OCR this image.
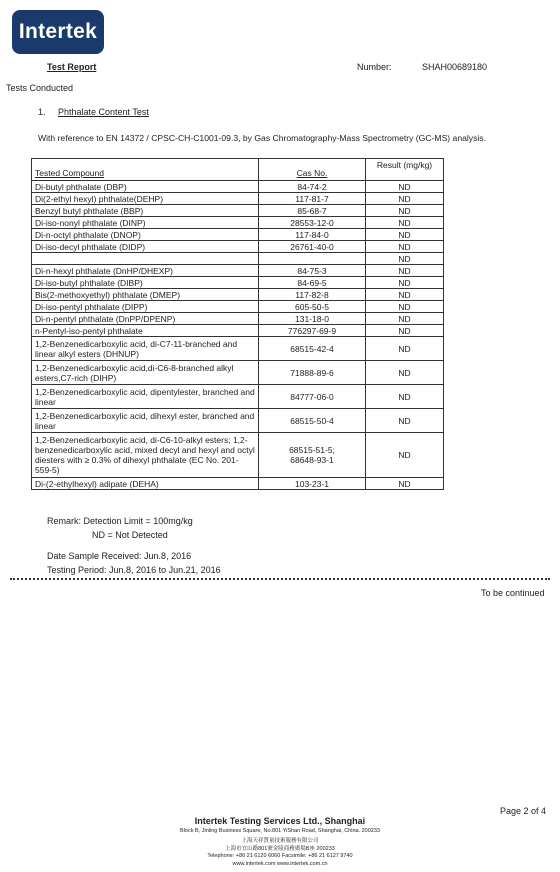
Intertek
Test Report	Number:	SHAH00689180
Tests Conducted
1. Phthalate Content Test
With reference to EN 14372 / CPSC-CH-C1001-09.3, by Gas Chromatography-Mass Spectrometry (GC-MS) analysis.
Tested Compound	Cas No.	Result (mg/kg)
Di-butyl phthalate (DBP)	84-74-2	ND
Di(2-ethyl hexyl) phthalate(DEHP)	117-81-7	ND
Benzyl butyl phthalate (BBP)	85-68-7	ND
Di-iso-nonyl phthalate (DINP)	28553-12-0	ND
Di-n-octyl phthalate (DNOP)	117-84-0	ND
Di-iso-decyl phthalate (DIDP)	26761-40-0	ND
		ND
Di-n-hexyl phthalate (DnHP/DHEXP)	84-75-3	ND
Di-iso-butyl phthalate (DIBP)	84-69-5	ND
Bis(2-methoxyethyl) phthalate (DMEP)	117-82-8	ND
Di-iso-pentyl phthalate (DIPP)	605-50-5	ND
Di-n-pentyl phthalate (DnPP/DPENP)	131-18-0	ND
n-Pentyl-iso-pentyl phthalate	776297-69-9	ND
1,2-Benzenedicarboxylic acid, di-C7-11-branched and linear alkyl esters (DHNUP)	68515-42-4	ND
1,2-Benzenedicarboxylic acid,di-C6-8-branched alkyl esters,C7-rich (DIHP)	71888-89-6	ND
1,2-Benzenedicarboxylic acid, dipentylester, branched and linear	84777-06-0	ND
1,2-Benzenedicarboxylic acid, dihexyl ester, branched and linear	68515-50-4	ND
1,2-Benzenedicarboxylic acid, di-C6-10-alkyl esters; 1,2-benzenedicarboxylic acid, mixed decyl and hexyl and octyl diesters with ≥ 0.3% of dihexyl phthalate (EC No. 201-559-5)	68515-51-5;
68648-93-1	ND
Di-(2-ethylhexyl) adipate (DEHA)	103-23-1	ND
Remark: Detection Limit = 100mg/kg
ND = Not Detected
Date Sample Received: Jun.8, 2016
Testing Period: Jun.8, 2016 to Jun.21, 2016
To be continued
Page 2 of 4
Intertek Testing Services Ltd., Shanghai
Block B, Jinling Business Square, No.801 YiShan Road, Shanghai, China. 200233
上海天祥質量技術服務有限公司
上海市宜山路801號金陵商務廣場B座 200233
Telephone: +86 21 6120 6060 Facsimile: +86 21 6127 9740
www.intertek.com www.intertek.com.cn
